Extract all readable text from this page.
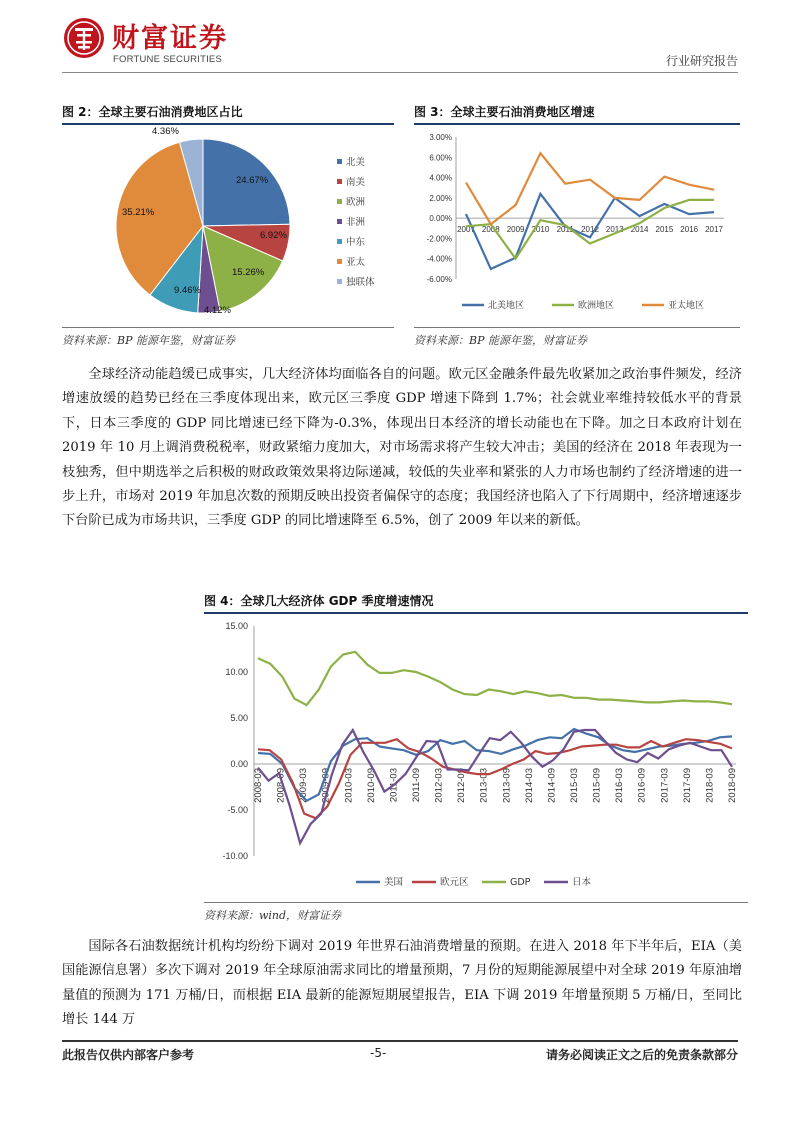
财富证券
FORTUNE SECURITIES	行业研究报告
图 2：全球主要石油消费地区占比
24.67%
6.92%
15.26%
4.12%
9.46%
35.21%
4.36%
北美
南美
欧洲
非洲
中东
亚太
独联体
资料来源：BP 能源年鉴，财富证券
图 3：全球主要石油消费地区增速
3.00%
6.00%
4.00%
2.00%
0.00%
-2.00%
-4.00%
-6.00%
2007 2008 2009 2010 2011 2012 2013 2014 2015 2016 2017
北美地区	欧洲地区	亚太地区
资料来源：BP 能源年鉴，财富证券

全球经济动能趋缓已成事实，几大经济体均面临各自的问题。欧元区金融条件最先收紧加之政治事件频发，经济增速放缓的趋势已经在三季度体现出来，欧元区三季度 GDP 增速下降到 1.7%；社会就业率维持较低水平的背景下，日本三季度的 GDP 同比增速已经下降为-0.3%，体现出日本经济的增长动能也在下降。加之日本政府计划在 2019 年 10 月上调消费税税率，财政紧缩力度加大，对市场需求将产生较大冲击；美国的经济在 2018 年表现为一枝独秀，但中期选举之后积极的财政政策效果将边际递减，较低的失业率和紧张的人力市场也制约了经济增速的进一步上升，市场对 2019 年加息次数的预期反映出投资者偏保守的态度；我国经济也陷入了下行周期中，经济增速逐步下台阶已成为市场共识，三季度 GDP 的同比增速降至 6.5%，创了 2009 年以来的新低。

图 4：全球几大经济体 GDP 季度增速情况
15.00
10.00
5.00
0.00
-5.00
-10.00
2008-03 2008-09 2009-03 2009-09 2010-03 2010-09 2011-03 2011-09 2012-03 2012-09 2013-03 2013-09 2014-03 2014-09 2015-03 2015-09 2016-03 2016-09 2017-03 2017-09 2018-03 2018-09
美国	欧元区	GDP	日本
资料来源：wind，财富证券

国际各石油数据统计机构均纷纷下调对 2019 年世界石油消费增量的预期。在进入 2018 年下半年后，EIA（美国能源信息署）多次下调对 2019 年全球原油需求同比的增量预期，7 月份的短期能源展望中对全球 2019 年原油增量值的预测为 171 万桶/日，而根据 EIA 最新的能源短期展望报告，EIA 下调 2019 年增量预期 5 万桶/日，至同比增长 144 万

此报告仅供内部客户参考	-5-	请务必阅读正文之后的免责条款部分
